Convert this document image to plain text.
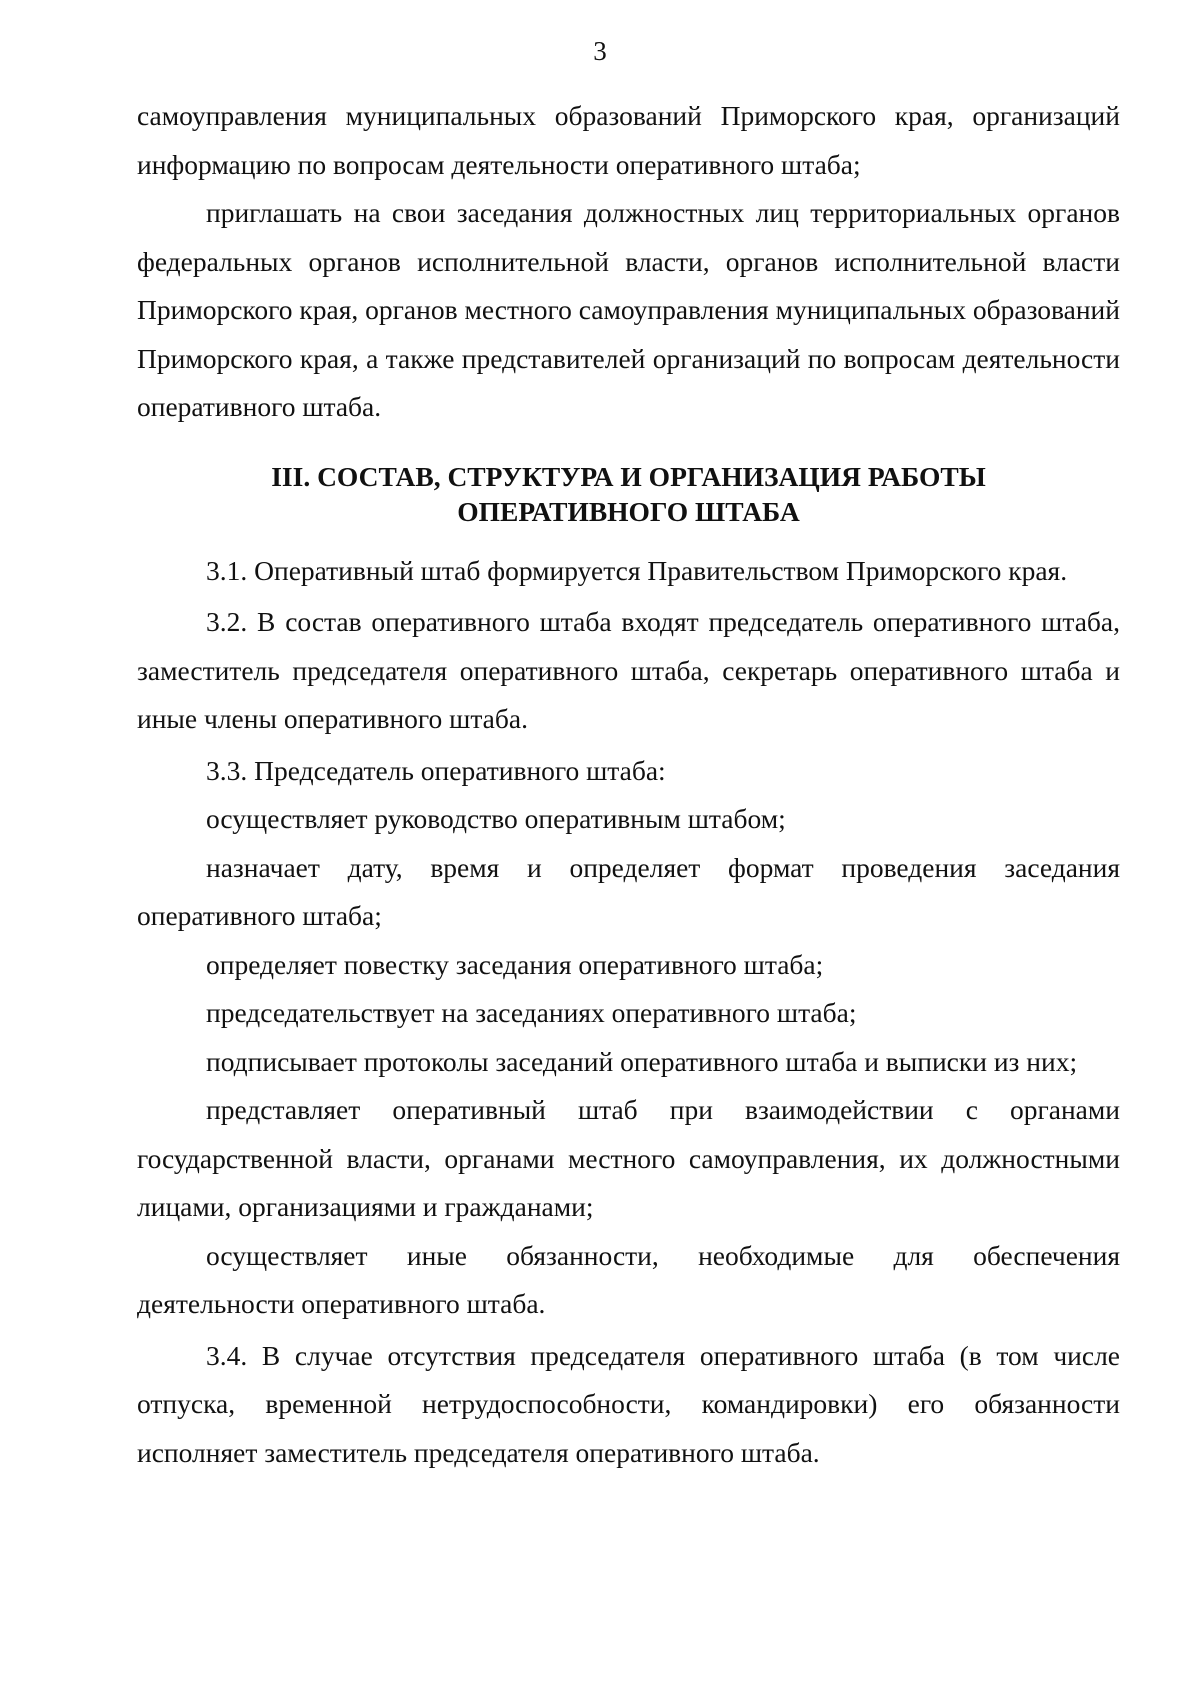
3

самоуправления муниципальных образований Приморского края, организаций информацию по вопросам деятельности оперативного штаба;

приглашать на свои заседания должностных лиц территориальных органов федеральных органов исполнительной власти, органов исполнительной власти Приморского края, органов местного самоуправления муниципальных образований Приморского края, а также представителей организаций по вопросам деятельности оперативного штаба.

III. СОСТАВ, СТРУКТУРА И ОРГАНИЗАЦИЯ РАБОТЫ
ОПЕРАТИВНОГО ШТАБА

3.1. Оперативный штаб формируется Правительством Приморского края.

3.2. В состав оперативного штаба входят председатель оперативного штаба, заместитель председателя оперативного штаба, секретарь оперативного штаба и иные члены оперативного штаба.

3.3. Председатель оперативного штаба:

осуществляет руководство оперативным штабом;

назначает дату, время и определяет формат проведения заседания оперативного штаба;

определяет повестку заседания оперативного штаба;

председательствует на заседаниях оперативного штаба;

подписывает протоколы заседаний оперативного штаба и выписки из них;

представляет оперативный штаб при взаимодействии с органами государственной власти, органами местного самоуправления, их должностными лицами, организациями и гражданами;

осуществляет иные обязанности, необходимые для обеспечения деятельности оперативного штаба.

3.4. В случае отсутствия председателя оперативного штаба (в том числе отпуска, временной нетрудоспособности, командировки) его обязанности исполняет заместитель председателя оперативного штаба.
